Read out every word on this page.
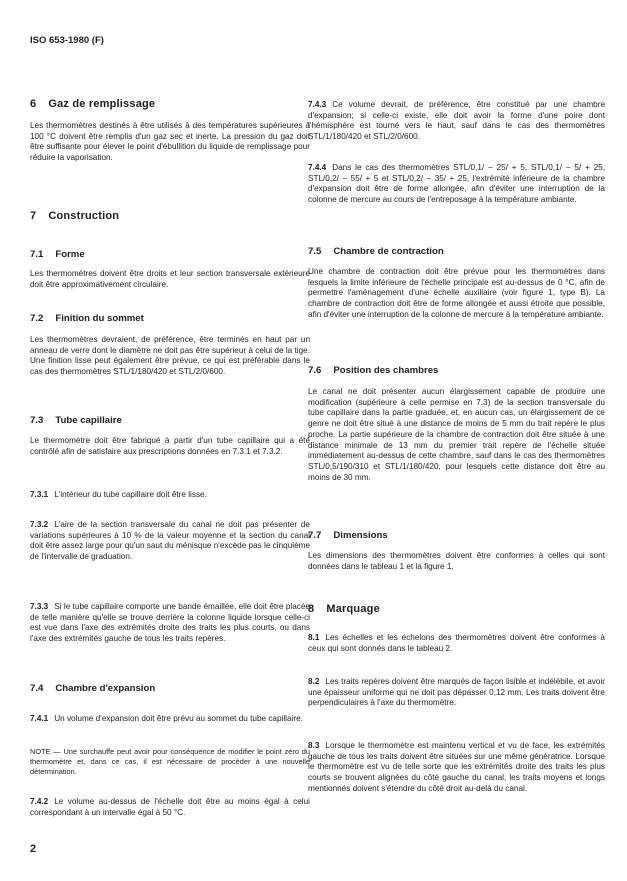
ISO 653-1980 (F)

6 Gaz de remplissage

Les thermomètres destinés à être utilisés à des températures supérieures à 100 °C doivent être remplis d'un gaz sec et inerte. La pression du gaz doit être suffisante pour élever le point d'ébullition du liquide de remplissage pour réduire la vaporisation.

7 Construction

7.1 Forme

Les thermomètres doivent être droits et leur section transversale extérieure doit être approximativement circulaire.

7.2 Finition du sommet

Les thermomètres devraient, de préférence, être terminés en haut par un anneau de verre dont le diamètre ne doit pas être supérieur à celui de la tige. Une finition lisse peut également être prévue, ce qui est préférable dans le cas des thermomètres STL/1/180/420 et STL/2/0/600.

7.3 Tube capillaire

Le thermomètre doit être fabriqué à partir d'un tube capillaire qui a été contrôlé afin de satisfaire aux prescriptions données en 7.3.1 et 7.3.2.

7.3.1 L'intérieur du tube capillaire doit être lisse.

7.3.2 L'aire de la section transversale du canal ne doit pas présenter de variations supérieures à 10 % de la valeur moyenne et la section du canal doit être assez large pour qu'un saut du ménisque n'excède pas le cinquième de l'intervalle de graduation.

7.3.3 Si le tube capillaire comporte une bande émaillée, elle doit être placée de telle manière qu'elle se trouve derrière la colonne liquide lorsque celle-ci est vue dans l'axe des extrémités droite des traits les plus courts, ou dans l'axe des extrémités gauche de tous les traits repères.

7.4 Chambre d'expansion

7.4.1 Un volume d'expansion doit être prévu au sommet du tube capillaire.

NOTE — Une surchauffe peut avoir pour conséquence de modifier le point zéro du thermomètre et, dans ce cas, il est nécessaire de procéder à une nouvelle détermination.

7.4.2 Le volume au-dessus de l'échelle doit être au moins égal à celui correspondant à un intervalle égal à 50 °C.

2

7.4.3 Ce volume devrait, de préférence, être constitué par une chambre d'expansion; si celle-ci existe, elle doit avoir la forme d'une poire dont l'hémisphère est tourné vers le haut, sauf dans le cas des thermomètres STL/1/180/420 et STL/2/0/600.

7.4.4 Dans le cas des thermomètres STL/0,1/ − 25/ + 5, STL/0,1/ − 5/ + 25, STL/0,2/ − 55/ + 5 et STL/0,2/ − 35/ + 25, l'extrémité inférieure de la chambre d'expansion doit être de forme allongée, afin d'éviter une interruption de la colonne de mercure au cours de l'entreposage à la température ambiante.

7.5 Chambre de contraction

Une chambre de contraction doit être prévue pour les thermomètres dans lesquels la limite inférieure de l'échelle principale est au-dessus de 0 °C, afin de permettre l'aménagement d'une échelle auxiliaire (voir figure 1, type B). La chambre de contraction doit être de forme allongée et aussi étroite que possible, afin d'éviter une interruption de la colonne de mercure à la température ambiante.

7.6 Position des chambres

Le canal ne doit présenter aucun élargissement capable de produire une modification (supérieure à celle permise en 7.3) de la section transversale du tube capillaire dans la partie graduée, et, en aucun cas, un élargissement de ce genre ne doit être situé à une distance de moins de 5 mm du trait repère le plus proche. La partie supérieure de la chambre de contraction doit être située à une distance minimale de 13 mm du premier trait repère de l'échelle située immédiatement au-dessus de cette chambre, sauf dans le cas des thermomètres STL/0,5/190/310 et STL/1/180/420, pour lesquels cette distance doit être au moins de 30 mm.

7.7 Dimensions

Les dimensions des thermomètres doivent être conformes à celles qui sont données dans le tableau 1 et la figure 1.

8 Marquage

8.1 Les échelles et les échelons des thermomètres doivent être conformes à ceux qui sont donnés dans le tableau 2.

8.2 Les traits repères doivent être marqués de façon lisible et indélébile, et avoir une épaisseur uniforme qui ne doit pas dépasser 0,12 mm. Les traits doivent être perpendiculaires à l'axe du thermomètre.

8.3 Lorsque le thermomètre est maintenu vertical et vu de face, les extrémités gauche de tous les traits doivent être situées sur une même génératrice. Lorsque le thermomètre est vu de telle sorte que les extrémités droite des traits les plus courts se trouvent alignées du côté gauche du canal, les traits moyens et longs mentionnés doivent s'étendre du côté droit au-delà du canal.
